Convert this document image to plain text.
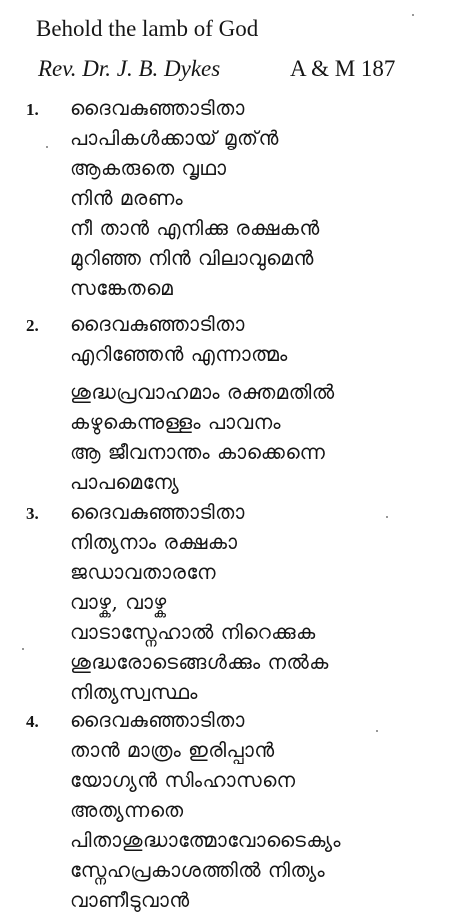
Behold the lamb of God
Rev. Dr. J. B. Dykes	A & M 187
1. ദൈവകുഞ്ഞാടിതാ
പാപികൾക്കായ് മൃത്ൻ
ആകരുതെ വൃഥാ
നിൻ മരണം
നീ താൻ എനിക്കു രക്ഷകൻ
മുറിഞ്ഞ നിൻ വിലാവുമെൻ
സങ്കേതമെ
2. ദൈവകുഞ്ഞാടിതാ
എറിഞ്ഞേൻ എന്നാത്മം
ശുദ്ധപ്രവാഹമാം രക്തമതിൽ
കഴുകെന്നുള്ളം പാവനം
ആ ജീവനാന്തം കാക്കെന്നെ
പാപമെന്യേ
3. ദൈവകുഞ്ഞാടിതാ
നിത്യനാം രക്ഷകാ
ജഡാവതാരനേ
വാഴ്ക, വാഴ്ക
വാടാസ്നേഹാൽ നിറെക്കുക
ശുദ്ധരോടെങ്ങൾക്കും നൽക
നിത്യസ്വസ്ഥം
4. ദൈവകുഞ്ഞാടിതാ
താൻ മാത്രം ഇരിപ്പാൻ
യോഗ്യൻ സിംഹാസനെ
അത്യന്നതെ
പിതാശുദ്ധാത്മോവോടൈക്യം
സ്നേഹപ്രകാശത്തിൽ നിത്യം
വാണീടുവാൻ
